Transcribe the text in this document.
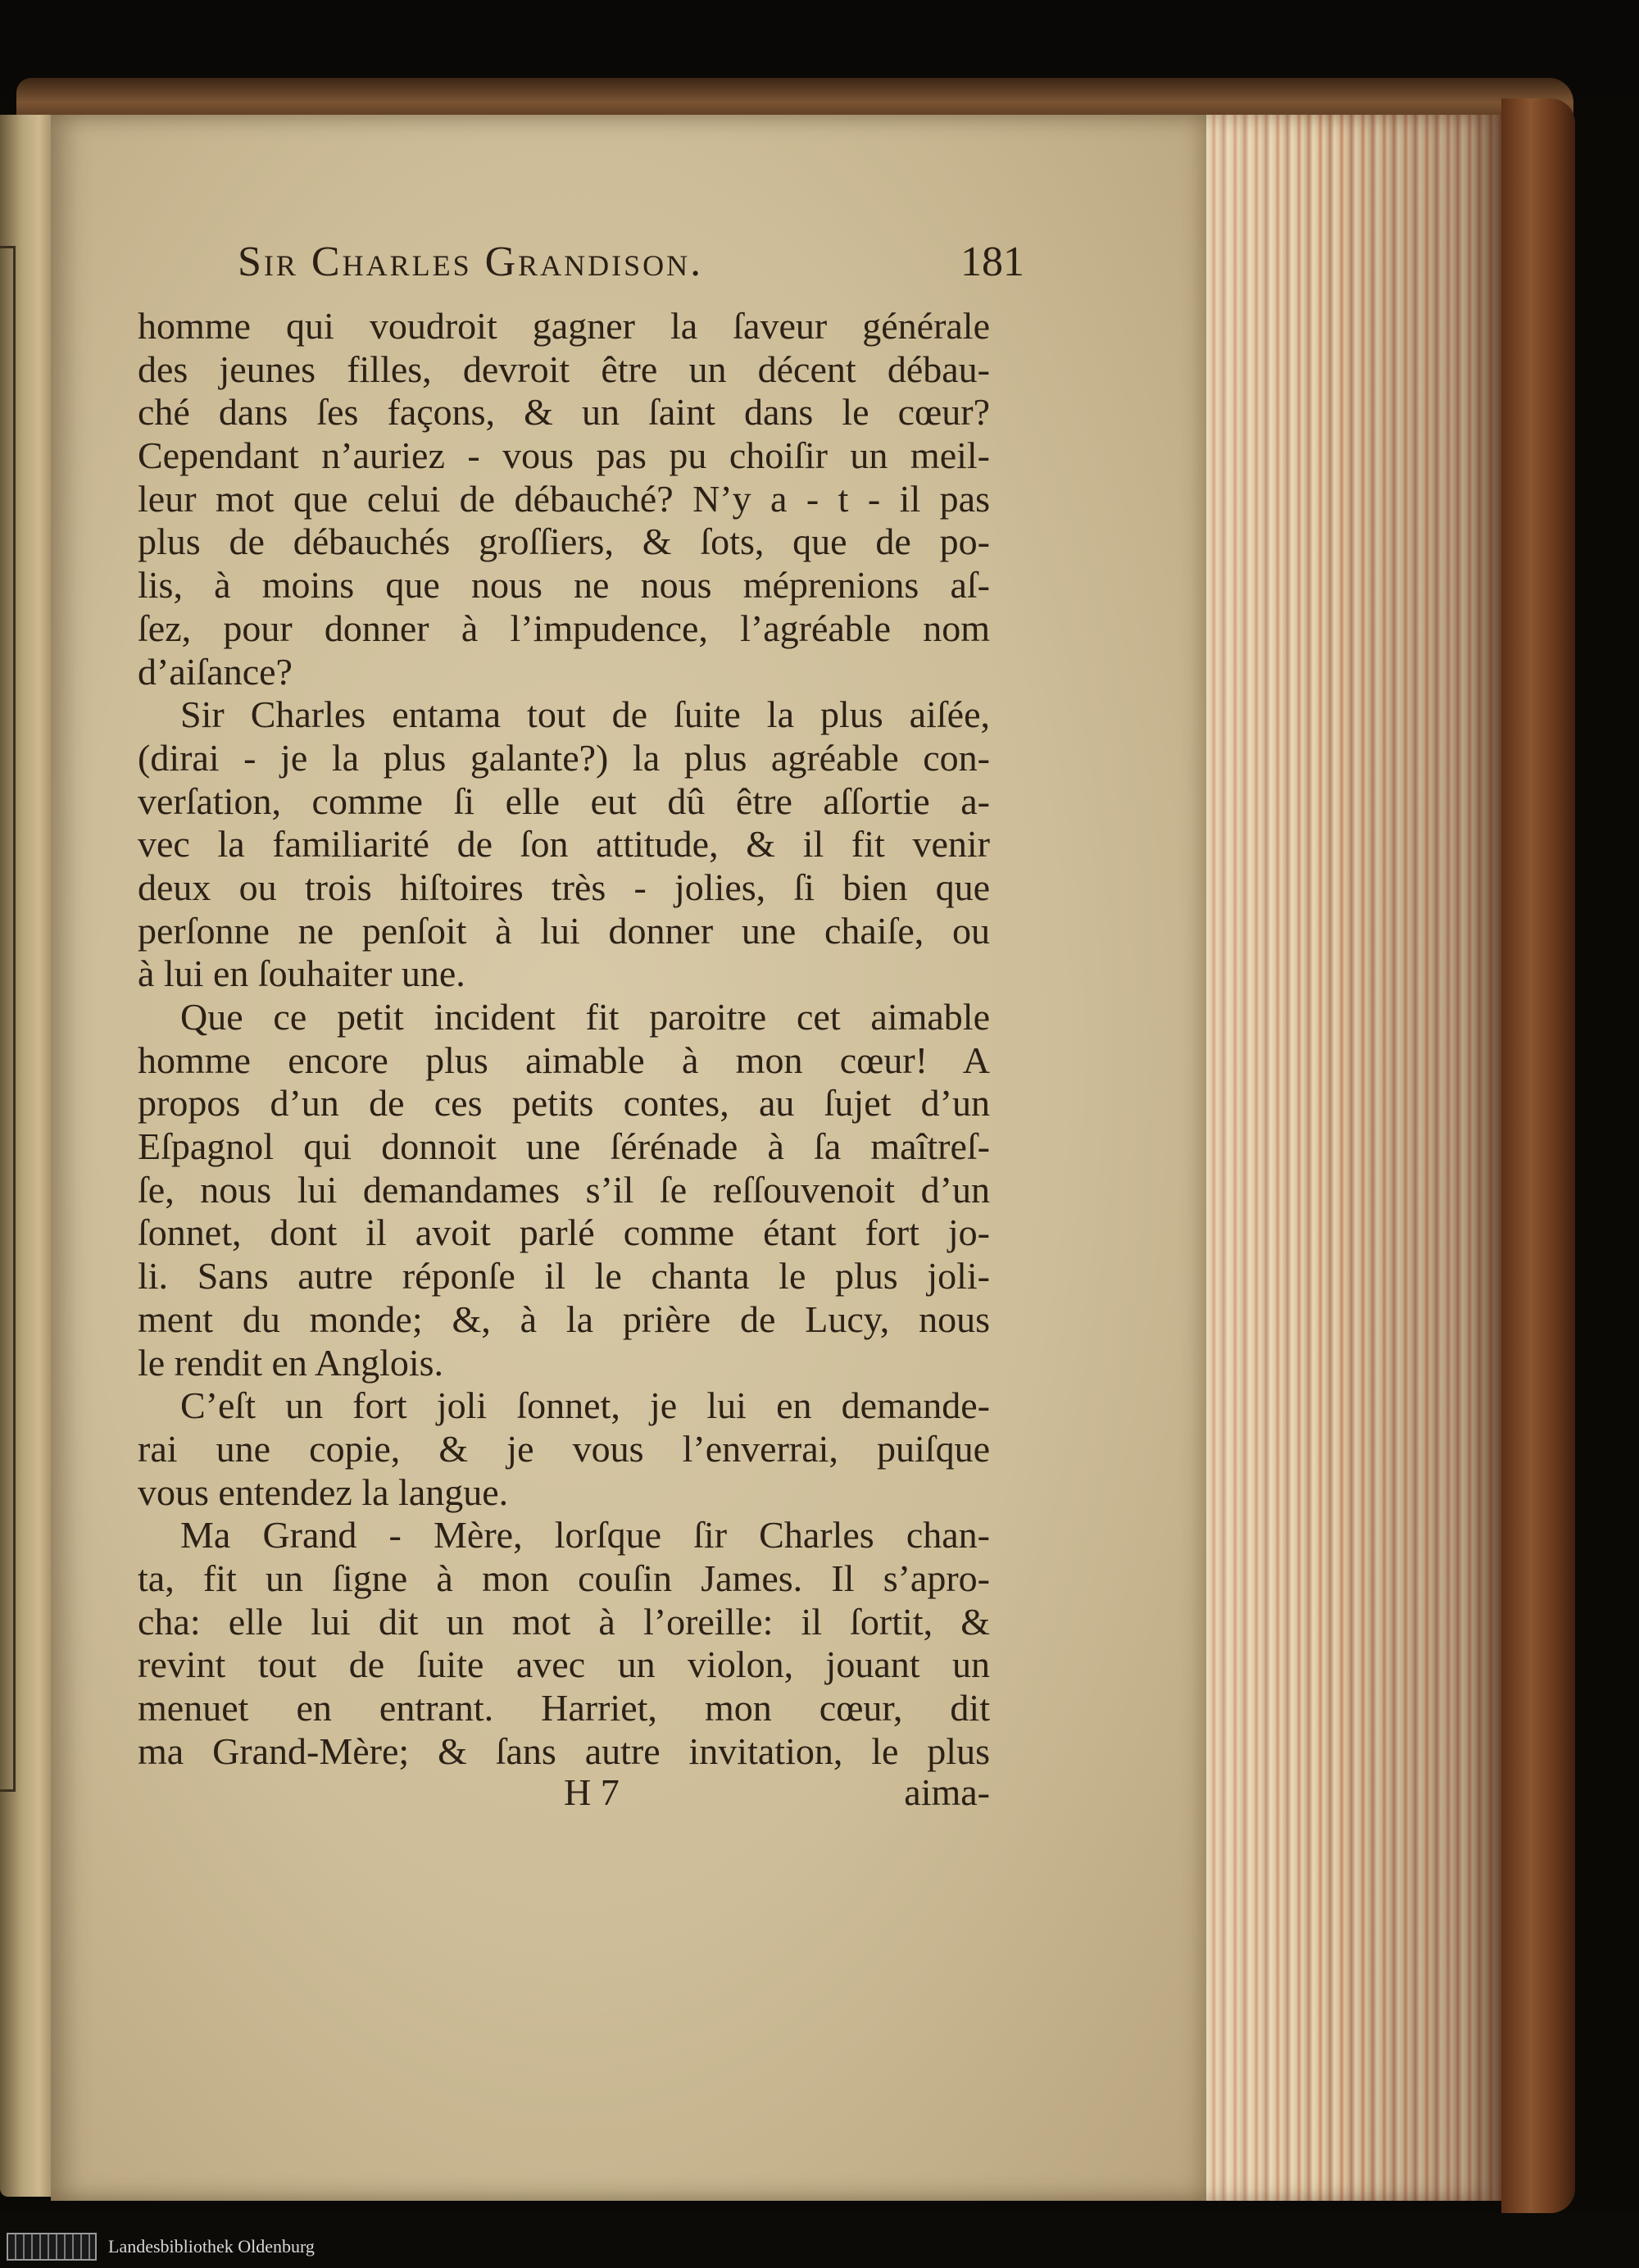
Sir Charles Grandison.	181
homme qui voudroit gagner la ſaveur générale
des jeunes filles, devroit être un décent débau-
ché dans ſes façons, & un ſaint dans le cœur?
Cependant n’auriez - vous pas pu choiſir un meil-
leur mot que celui de débauché? N’y a - t - il pas
plus de débauchés groſſiers, & ſots, que de po-
lis, à moins que nous ne nous méprenions aſ-
ſez, pour donner à l’impudence, l’agréable nom
d’aiſance?
Sir Charles entama tout de ſuite la plus aiſée,
(dirai - je la plus galante?) la plus agréable con-
verſation, comme ſi elle eut dû être aſſortie a-
vec la familiarité de ſon attitude, & il fit venir
deux ou trois hiſtoires très - jolies, ſi bien que
perſonne ne penſoit à lui donner une chaiſe, ou
à lui en ſouhaiter une.
Que ce petit incident fit paroitre cet aimable
homme encore plus aimable à mon cœur! A
propos d’un de ces petits contes, au ſujet d’un
Eſpagnol qui donnoit une ſérénade à ſa maîtreſ-
ſe, nous lui demandames s’il ſe reſſouvenoit d’un
ſonnet, dont il avoit parlé comme étant fort jo-
li. Sans autre réponſe il le chanta le plus joli-
ment du monde; &, à la prière de Lucy, nous
le rendit en Anglois.
C’eſt un fort joli ſonnet, je lui en demande-
rai une copie, & je vous l’enverrai, puiſque
vous entendez la langue.
Ma Grand - Mère, lorſque ſir Charles chan-
ta, fit un ſigne à mon couſin James. Il s’apro-
cha: elle lui dit un mot à l’oreille: il ſortit, &
revint tout de ſuite avec un violon, jouant un
menuet en entrant. Harriet, mon cœur, dit
ma Grand-Mère; & ſans autre invitation, le plus
H 7	aima-
Landesbibliothek Oldenburg
